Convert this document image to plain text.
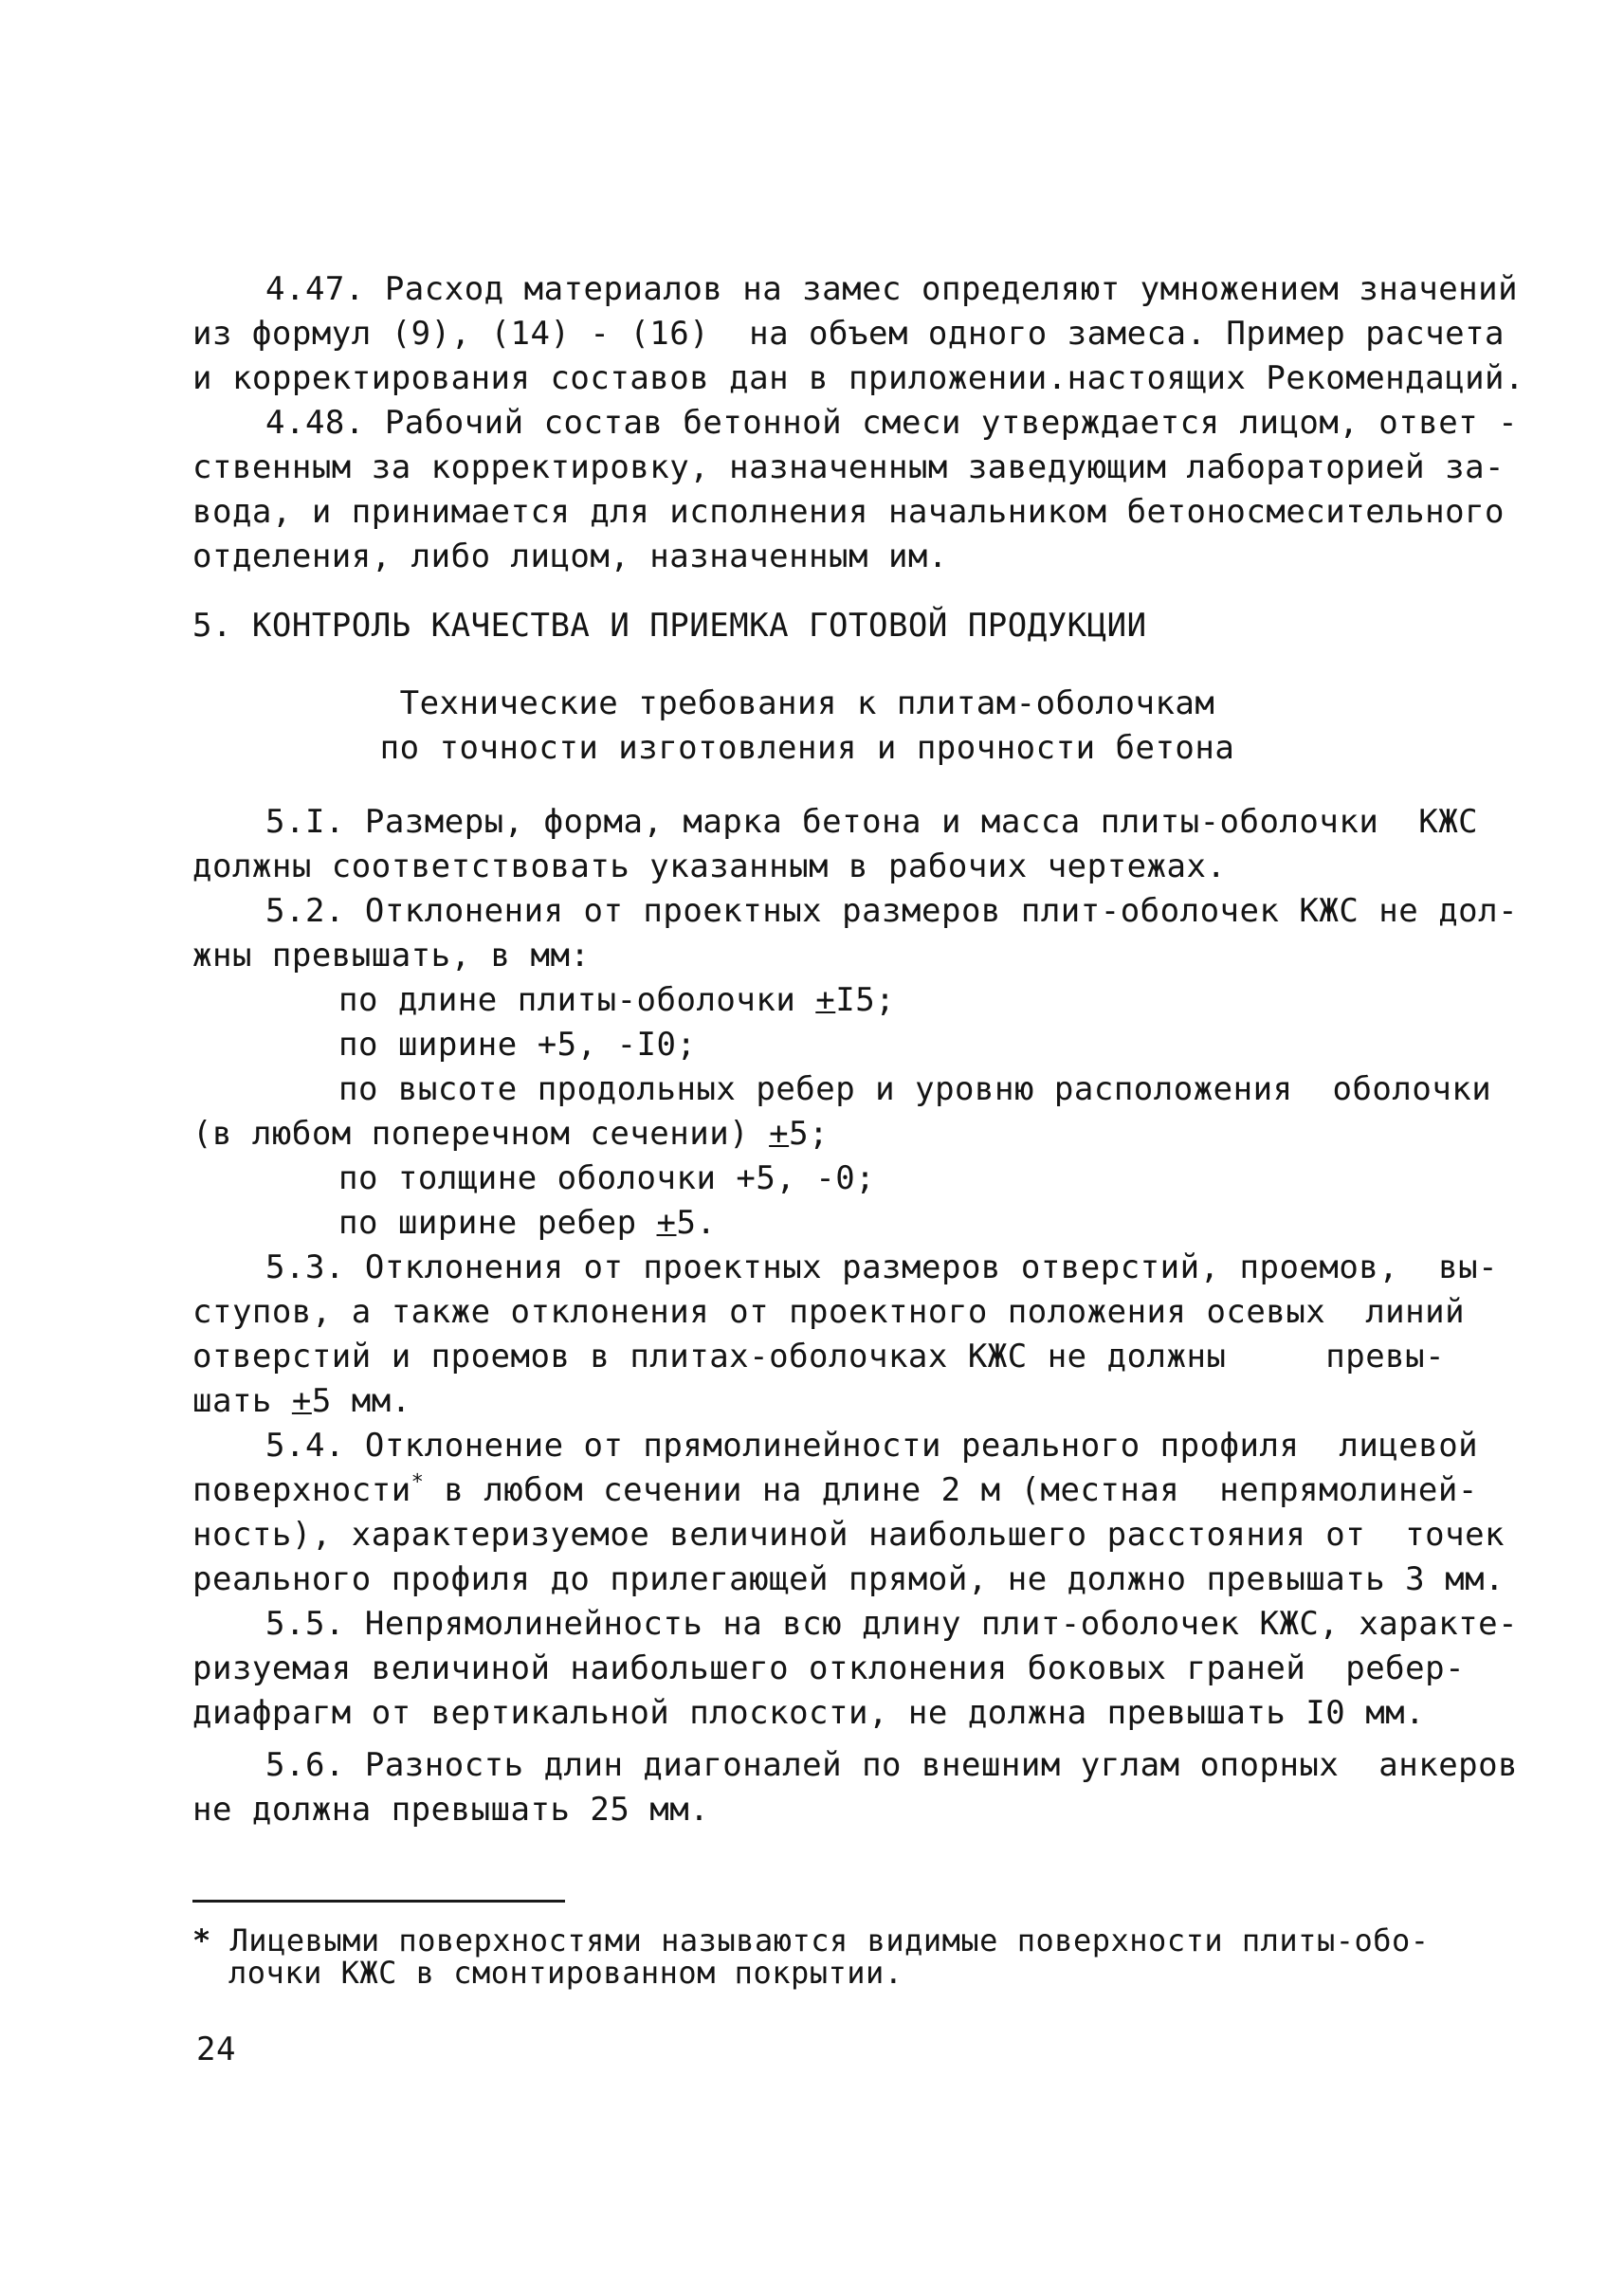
4.47. Расход материалов на замес определяют умножением значений

из формул (9), (14) - (16)  на объем одного замеса. Пример расчета

и корректирования составов дан в приложении.настоящих Рекомендаций.

4.48. Рабочий состав бетонной смеси утверждается лицом, ответ -

ственным за корректировку, назначенным заведующим лабораторией за-

вода, и принимается для исполнения начальником бетоносмесительного

отделения, либо лицом, назначенным им.

5. КОНТРОЛЬ КАЧЕСТВА И ПРИЕМКА ГОТОВОЙ ПРОДУКЦИИ

Технические требования к плитам-оболочкам

по точности изготовления и прочности бетона

5.I. Размеры, форма, марка бетона и масса плиты-оболочки  КЖС

должны соответствовать указанным в рабочих чертежах.

5.2. Отклонения от проектных размеров плит-оболочек КЖС не дол-

жны превышать, в мм:

по длине плиты-оболочки +I5;

по ширине +5, -I0;

по высоте продольных ребер и уровню расположения  оболочки

(в любом поперечном сечении) +5;

по толщине оболочки +5, -0;

по ширине ребер +5.

5.3. Отклонения от проектных размеров отверстий, проемов,  вы-

ступов, а также отклонения от проектного положения осевых  линий

отверстий и проемов в плитах-оболочках КЖС не должны     превы-

шать +5 мм.

5.4. Отклонение от прямолинейности реального профиля  лицевой

поверхности* в любом сечении на длине 2 м (местная  непрямолиней-

ность), характеризуемое величиной наибольшего расстояния от  точек

реального профиля до прилегающей прямой, не должно превышать 3 мм.

5.5. Непрямолинейность на всю длину плит-оболочек КЖС, характе-

ризуемая величиной наибольшего отклонения боковых граней  ребер-

диафрагм от вертикальной плоскости, не должна превышать I0 мм.

5.6. Разность длин диагоналей по внешним углам опорных  анкеров

не должна превышать 25 мм.

* Лицевыми поверхностями называются видимые поверхности плиты-обо-

лочки КЖС в смонтированном покрытии.

24
